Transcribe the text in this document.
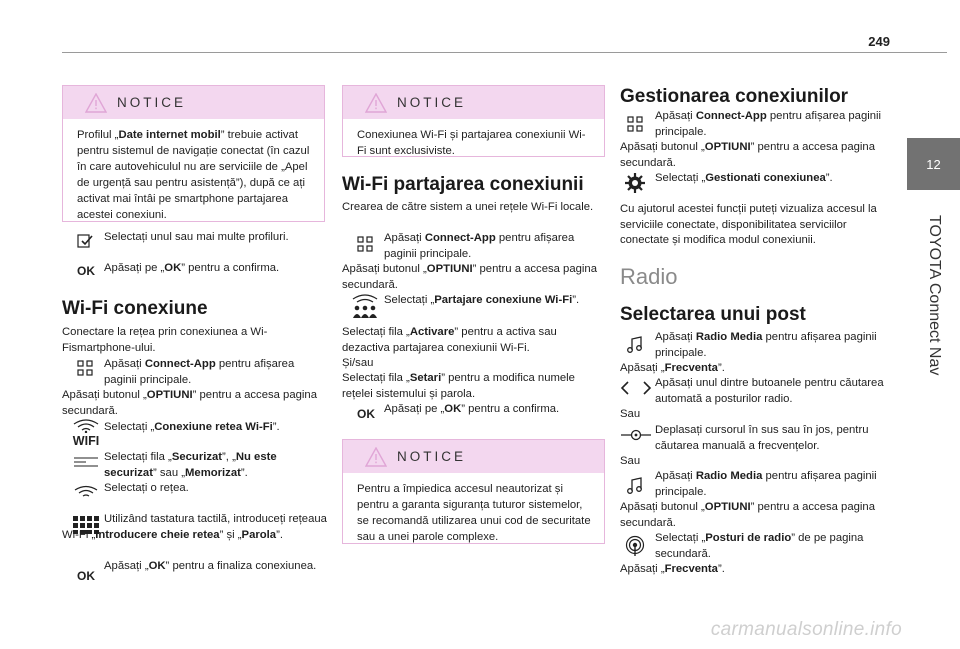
249
12
TOYOTA Connect Nav
NOTICE
Profilul „Date internet mobil” trebuie activat pentru sistemul de navigație conectat (în cazul în care autovehiculul nu are serviciile de „Apel de urgență sau pentru asistență”), după ce ați activat mai întâi pe smartphone partajarea acestei conexiuni.
Selectați unul sau mai multe profiluri.
OK Apăsați pe „OK” pentru a confirma.
Wi-Fi conexiune
Conectare la rețea prin conexiunea a Wi-Fismartphone-ului.
Apăsați Connect-App pentru afișarea paginii principale.
Apăsați butonul „OPTIUNI” pentru a accesa pagina secundară.
Selectați „Conexiune retea Wi-Fi”.
WIFI
Selectați fila „Securizat”, „Nu este securizat” sau „Memorizat”.
Selectați o rețea.
Utilizând tastatura tactilă, introduceți rețeaua Wi-Fi „Introducere cheie retea” și „Parola”.
OK
Apăsați „OK” pentru a finaliza conexiunea.
NOTICE
Conexiunea Wi-Fi și partajarea conexiunii Wi-Fi sunt exclusiviste.
Wi-Fi partajarea conexiunii
Crearea de către sistem a unei rețele Wi-Fi locale.
Apăsați Connect-App pentru afișarea paginii principale.
Apăsați butonul „OPTIUNI” pentru a accesa pagina secundară.
Selectați „Partajare conexiune Wi-Fi”.
Selectați fila „Activare” pentru a activa sau dezactiva partajarea conexiunii Wi-Fi.
Și/sau
Selectați fila „Setari” pentru a modifica numele rețelei sistemului și parola.
OK Apăsați pe „OK” pentru a confirma.
NOTICE
Pentru a împiedica accesul neautorizat și pentru a garanta siguranța tuturor sistemelor, se recomandă utilizarea unui cod de securitate sau a unei parole complexe.
Gestionarea conexiunilor
Apăsați Connect-App pentru afișarea paginii principale.
Apăsați butonul „OPTIUNI” pentru a accesa pagina secundară.
Selectați „Gestionati conexiunea”.
Cu ajutorul acestei funcții puteți vizualiza accesul la serviciile conectate, disponibilitatea serviciilor conectate și modifica modul conexiunii.
Radio
Selectarea unui post
Apăsați Radio Media pentru afișarea paginii principale.
Apăsați „Frecventa”.
Apăsați unul dintre butoanele pentru căutarea automată a posturilor radio.
Sau
Deplasați cursorul în sus sau în jos, pentru căutarea manuală a frecvențelor.
Sau
Apăsați Radio Media pentru afișarea paginii principale.
Apăsați butonul „OPTIUNI” pentru a accesa pagina secundară.
Selectați „Posturi de radio” de pe pagina secundară.
Apăsați „Frecventa”.
carmanualsonline.info
